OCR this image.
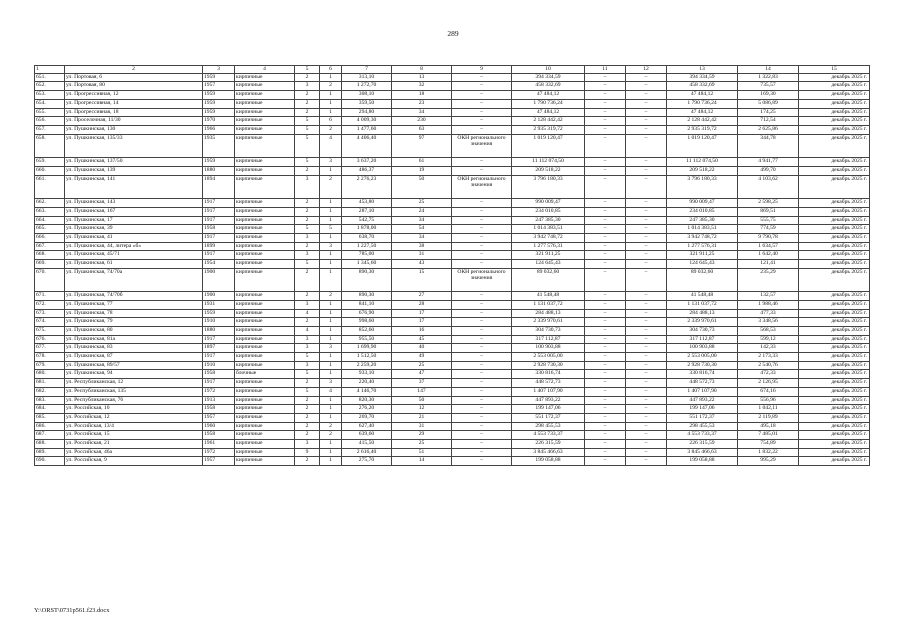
289
1	2	3	4	5	6	7	8	9	10	11	12	13	14	15
651.	ул. Портовая, 6	1959	кирпичные	2	1	313,10	13	–	394 334,59	–	–	394 334,59	1 322,83	декабрь 2025 г.
652.	ул. Портовая, 80	1957	кирпичные	3	2	1 272,70	32	–	458 332,69	–	–	458 332,69	735,57	декабрь 2025 г.
653.	ул. Прогрессивная, 12	1959	кирпичные	2	1	308,10	18	–	47 484,12	–	–	47 484,12	169,30	декабрь 2025 г.
654.	ул. Прогрессивная, 14	1959	кирпичные	2	1	359,50	23	–	1 790 736,24	–	–	1 790 736,24	5 086,89	декабрь 2025 г.
655.	ул. Прогрессивная, 18	1959	кирпичные	2	1	294,80	34	–	47 484,12	–	–	47 484,12	174,25	декабрь 2025 г.
656.	ул. Проселочная, 11/30	1970	кирпичные	5	6	4 009,30	230	–	2 128 442,42	–	–	2 128 442,42	712,54	декабрь 2025 г.
657.	ул. Пушкинская, 130	1966	кирпичные	5	2	1 477,60	63	–	2 935 319,72	–	–	2 935 319,72	2 625,86	декабрь 2025 г.
658.	ул. Пушкинская, 135/33	1935	кирпичные	5	4	4 406,40	97	ОКН регионального значения	1 019 120,47	–	–	1 019 120,47	344,78	декабрь 2025 г.
659.	ул. Пушкинская, 137/50	1959	кирпичные	5	3	3 637,20	61	–	11 112 074,50	–	–	11 112 074,50	4 941,77	декабрь 2025 г.
660.	ул. Пушкинская, 139	1880	кирпичные	2	1	486,37	19	–	209 518,22	–	–	209 518,22	499,70	декабрь 2025 г.
661.	ул. Пушкинская, 141	1894	кирпичные	3	2	2 276,23	50	ОКН регионального значения	3 796 180,33	–	–	3 796 180,33	4 103,62	декабрь 2025 г.
662.	ул. Пушкинская, 143	1917	кирпичные	2	1	453,80	25	–	990 009,47	–	–	990 009,47	2 598,25	декабрь 2025 г.
663.	ул. Пушкинская, 167	1917	кирпичные	2	1	287,10	24	–	234 010,85	–	–	234 010,85	869,51	декабрь 2025 г.
664.	ул. Пушкинская, 17	1917	кирпичные	2	1	542,75	34	–	247 385,30	–	–	247 385,30	555,75	декабрь 2025 г.
665.	ул. Пушкинская, 39	1958	кирпичные	5	5	1 878,00	54	–	1 014 383,51	–	–	1 014 383,51	774,59	декабрь 2025 г.
666.	ул. Пушкинская, 41	1917	кирпичные	3	1	638,70	34	–	3 942 748,72	–	–	3 942 748,72	9 790,78	декабрь 2025 г.
667.	ул. Пушкинская, 44, литера «б»	1899	кирпичные	2	3	1 227,50	38	–	1 277 576,31	–	–	1 277 576,31	1 634,57	декабрь 2025 г.
668.	ул. Пушкинская, 45/71	1917	кирпичные	3	1	785,00	31	–	321 911,25	–	–	321 911,25	1 642,40	декабрь 2025 г.
669.	ул. Пушкинская, 61	1954	кирпичные	5	1	1 345,60	43	–	124 645,43	–	–	124 645,43	121,41	декабрь 2025 г.
670.	ул. Пушкинская, 74/70а	1900	кирпичные	2	1	890,30	15	ОКН регионального значения	89 032,60	–	–	89 032,60	235,29	декабрь 2025 г.
671.	ул. Пушкинская, 74/70б	1900	кирпичные	2	2	890,30	27	–	41 548,48	–	–	41 548,48	132,57	декабрь 2025 г.
672.	ул. Пушкинская, 77	1931	кирпичные	3	1	841,10	28	–	1 131 037,72	–	–	1 131 037,72	1 988,46	декабрь 2025 г.
673.	ул. Пушкинская, 78	1959	кирпичные	4	1	676,90	17	–	284 488,13	–	–	284 488,13	477,33	декабрь 2025 г.
674.	ул. Пушкинская, 79	1910	кирпичные	2	1	998,60	17	–	2 339 970,61	–	–	2 339 970,61	3 348,56	декабрь 2025 г.
675.	ул. Пушкинская, 80	1880	кирпичные	4	1	852,60	16	–	304 730,73	–	–	304 730,73	568,53	декабрь 2025 г.
676.	ул. Пушкинская, 81а	1917	кирпичные	3	1	955,50	45	–	317 112,87	–	–	317 112,87	599,12	декабрь 2025 г.
677.	ул. Пушкинская, 83	1897	кирпичные	3	3	1 699,90	40	–	100 903,88	–	–	100 903,88	142,33	декабрь 2025 г.
678.	ул. Пушкинская, 87	1917	кирпичные	5	1	1 512,50	49	–	2 553 005,00	–	–	2 553 005,00	2 173,33	декабрь 2025 г.
679.	ул. Пушкинская, 89/57	1910	кирпичные	3	1	2 259,20	25	–	2 928 730,30	–	–	2 928 730,30	2 540,76	декабрь 2025 г.
680.	ул. Пушкинская, 94	1958	блочные	5	1	933,10	47	–	330 816,74	–	–	330 816,74	472,33	декабрь 2025 г.
681.	ул. Республиканская, 12	1917	кирпичные	2	3	220,40	37	–	448 572,73	–	–	448 572,73	2 126,95	декабрь 2025 г.
682.	ул. Республиканская, 135	1972	кирпичные	5	4	4 146,70	147	–	1 407 107,90	–	–	1 407 107,90	674,16	декабрь 2025 г.
683.	ул. Республиканская, 76	1913	кирпичные	2	1	820,30	50	–	447 893,22	–	–	447 893,22	556,96	декабрь 2025 г.
684.	ул. Российская, 10	1958	кирпичные	2	1	276,20	12	–	199 147,06	–	–	199 147,06	1 042,11	декабрь 2025 г.
685.	ул. Российская, 12	1957	кирпичные	2	1	269,70	21	–	551 172,37	–	–	551 172,37	2 119,89	декабрь 2025 г.
686.	ул. Российская, 13/4	1960	кирпичные	2	2	627,40	31	–	298 455,53	–	–	298 455,53	495,18	декабрь 2025 г.
687.	ул. Российская, 15	1958	кирпичные	2	2	639,60	29	–	4 553 733,37	–	–	4 553 733,37	7 485,01	декабрь 2025 г.
688.	ул. Российская, 21	1961	кирпичные	3	1	415,50	25	–	226 315,59	–	–	226 315,59	754,89	декабрь 2025 г.
689.	ул. Российская, 46а	1972	кирпичные	9	1	2 616,40	51	–	3 845 466,63	–	–	3 845 466,63	1 832,22	декабрь 2025 г.
690.	ул. Российская, 9	1957	кирпичные	2	1	275,70	14	–	199 058,88	–	–	199 058,88	995,29	декабрь 2025 г.
Y:\ORST\0731p561.f23.docx
